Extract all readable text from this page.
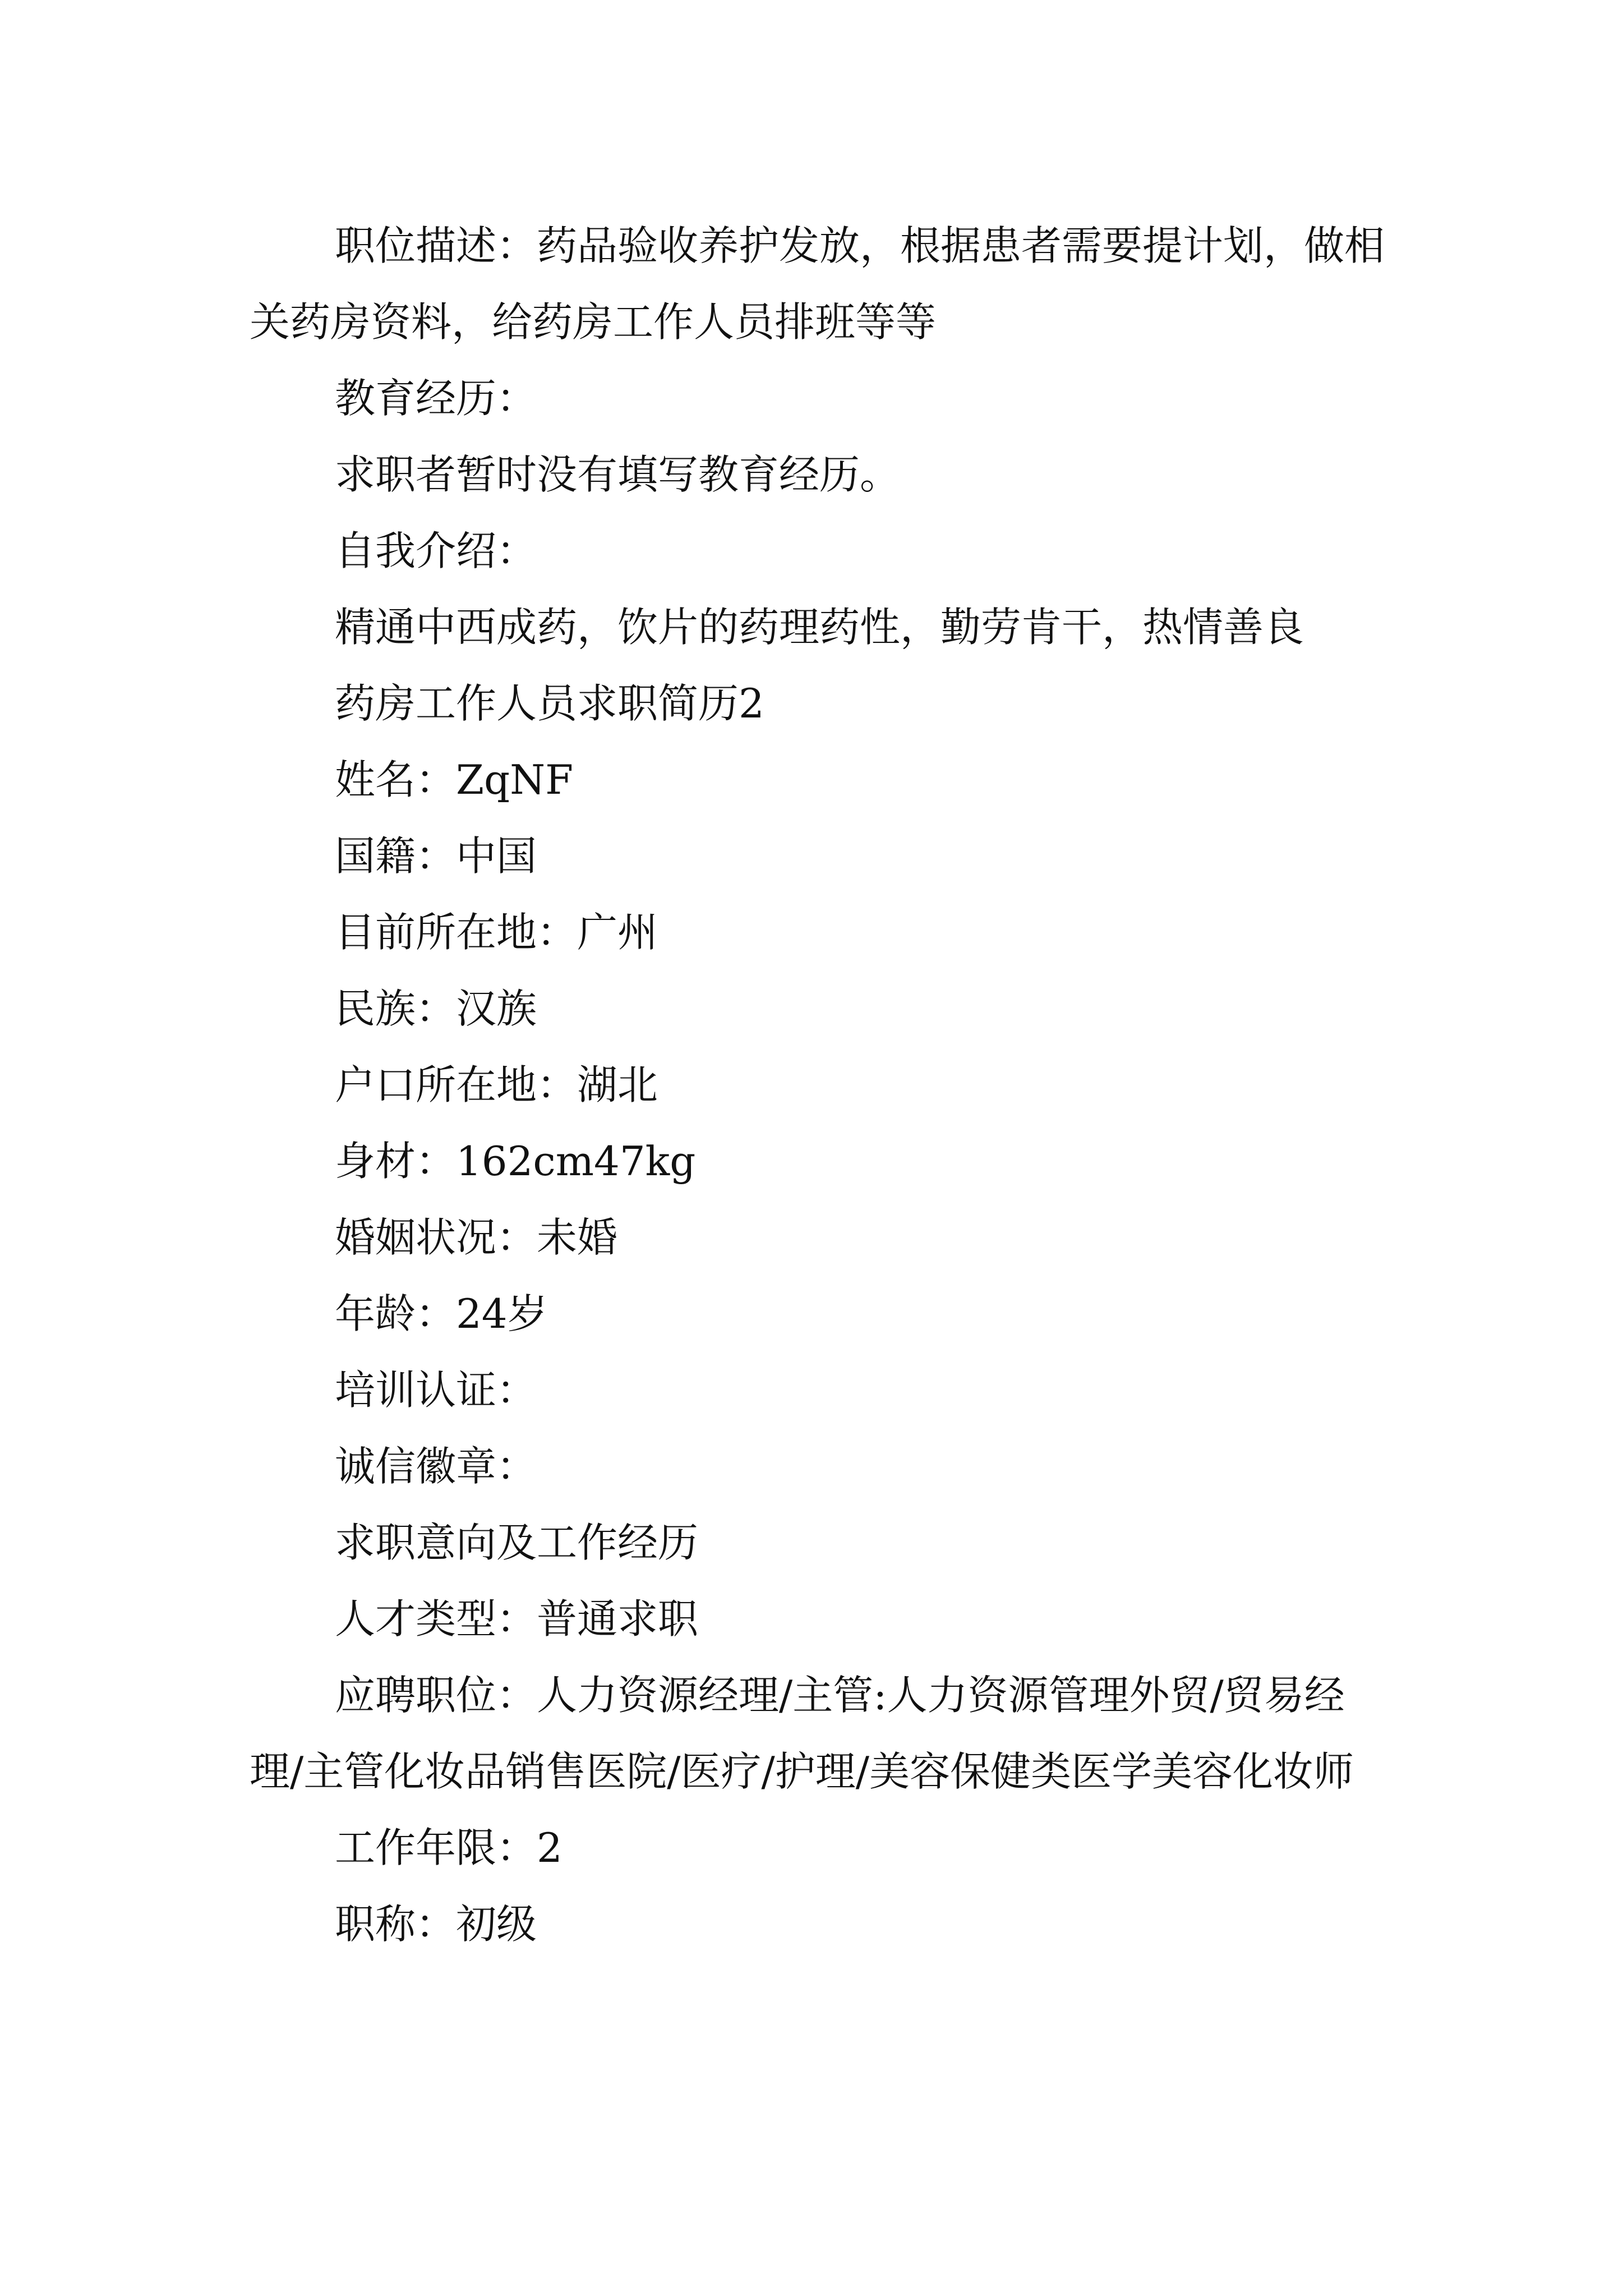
职位描述：药品验收养护发放，根据患者需要提计划，做相关药房资料，给药房工作人员排班等等

教育经历：

求职者暂时没有填写教育经历。

自我介绍：

精通中西成药，饮片的药理药性，勤劳肯干，热情善良

药房工作人员求职简历2

姓名：ZqNF

国籍：中国

目前所在地：广州

民族：汉族

户口所在地：湖北

身材：162cm47kg

婚姻状况：未婚

年龄：24岁

培训认证：

诚信徽章：

求职意向及工作经历

人才类型：普通求职

应聘职位：人力资源经理/主管:人力资源管理外贸/贸易经理/主管化妆品销售医院/医疗/护理/美容保健类医学美容化妆师

工作年限：2

职称：初级
